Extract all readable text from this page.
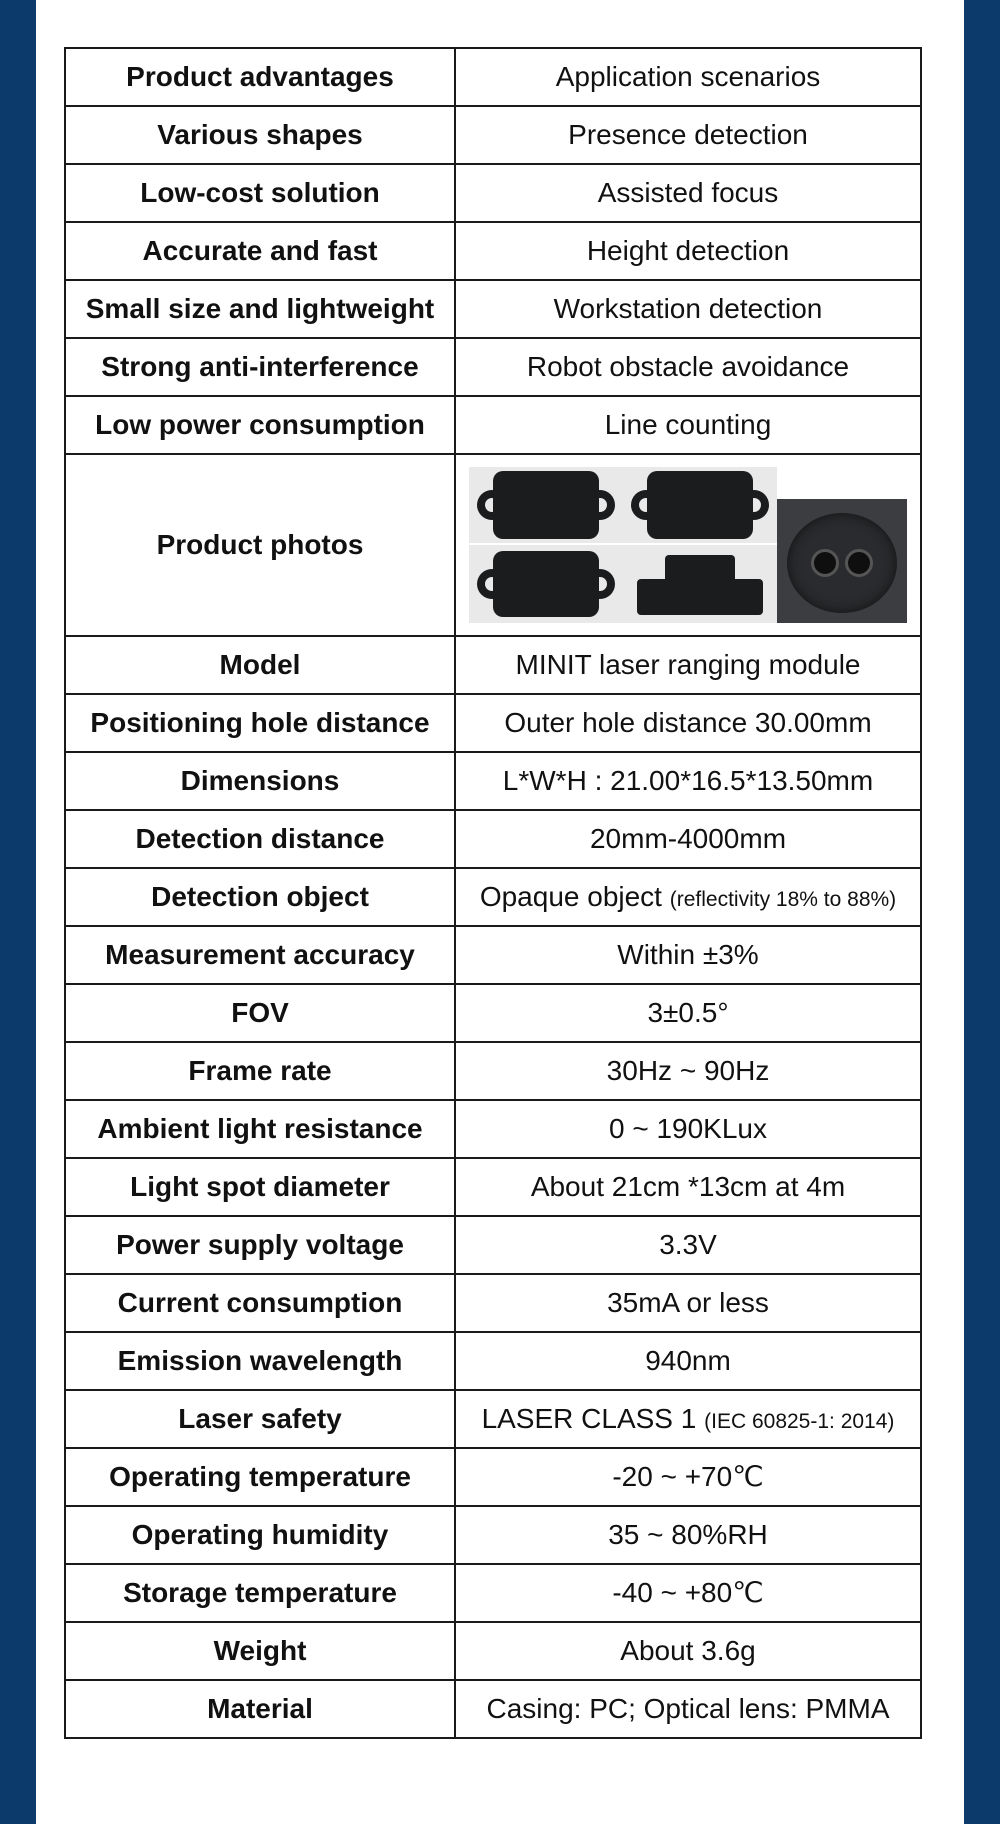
Product advantages	Application scenarios
Various shapes	Presence detection
Low-cost solution	Assisted focus
Accurate and fast	Height detection
Small size and lightweight	Workstation detection
Strong anti-interference	Robot obstacle avoidance
Low power consumption	Line counting
Product photos	

Model	MINIT laser ranging module
Positioning hole distance	Outer hole distance 30.00mm
Dimensions	L*W*H : 21.00*16.5*13.50mm
Detection distance	20mm-4000mm
Detection object	Opaque object (reflectivity 18% to 88%)
Measurement accuracy	Within ±3%
FOV	3±0.5°
Frame rate	30Hz ~ 90Hz
Ambient light resistance	0 ~ 190KLux
Light spot diameter	About 21cm *13cm at 4m
Power supply voltage	3.3V
Current consumption	35mA or less
Emission wavelength	940nm
Laser safety	LASER CLASS 1 (IEC 60825-1: 2014)
Operating temperature	-20 ~ +70℃
Operating humidity	35 ~ 80%RH
Storage temperature	-40 ~ +80℃
Weight	About 3.6g
Material	Casing: PC; Optical lens: PMMA
